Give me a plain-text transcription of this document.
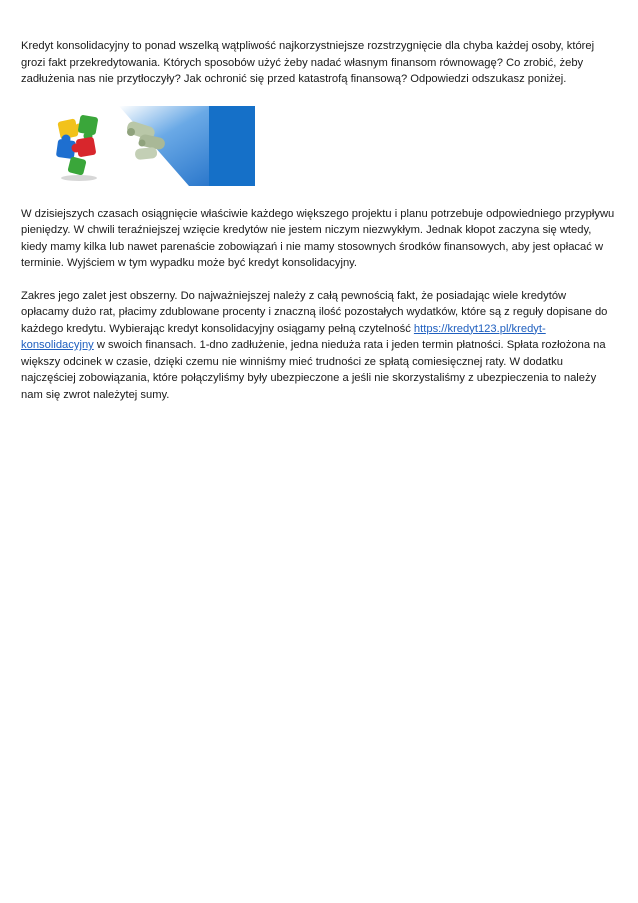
Kredyt konsolidacyjny to ponad wszelką wątpliwość najkorzystniejsze rozstrzygnięcie dla chyba każdej osoby, której grozi fakt przekredytowania. Których sposobów użyć żeby nadać własnym finansom równowagę? Co zrobić, żeby zadłużenia nas nie przytłoczyły? Jak ochronić się przed katastrofą finansową? Odpowiedzi odszukasz poniżej.

W dzisiejszych czasach osiągnięcie właściwie każdego większego projektu i planu potrzebuje odpowiedniego przypływu pieniędzy. W chwili teraźniejszej wzięcie kredytów nie jestem niczym niezwykłym. Jednak kłopot zaczyna się wtedy, kiedy mamy kilka lub nawet parenaście zobowiązań i nie mamy stosownych środków finansowych, aby jest opłacać w terminie. Wyjściem w tym wypadku może być kredyt konsolidacyjny.

Zakres jego zalet jest obszerny. Do najważniejszej należy z całą pewnością fakt, że posiadając wiele kredytów opłacamy dużo rat, płacimy zdublowane procenty i znaczną ilość pozostałych wydatków, które są z reguły dopisane do każdego kredytu. Wybierając kredyt konsolidacyjny osiągamy pełną czytelność https://kredyt123.pl/kredyt-konsolidacyjny w swoich finansach. 1-dno zadłużenie, jedna nieduża rata i jeden termin płatności. Spłata rozłożona na większy odcinek w czasie, dzięki czemu nie winniśmy mieć trudności ze spłatą comiesięcznej raty. W dodatku najczęściej zobowiązania, które połączyliśmy były ubezpieczone a jeśli nie skorzystaliśmy z ubezpieczenia to należy nam się zwrot należytej sumy.
